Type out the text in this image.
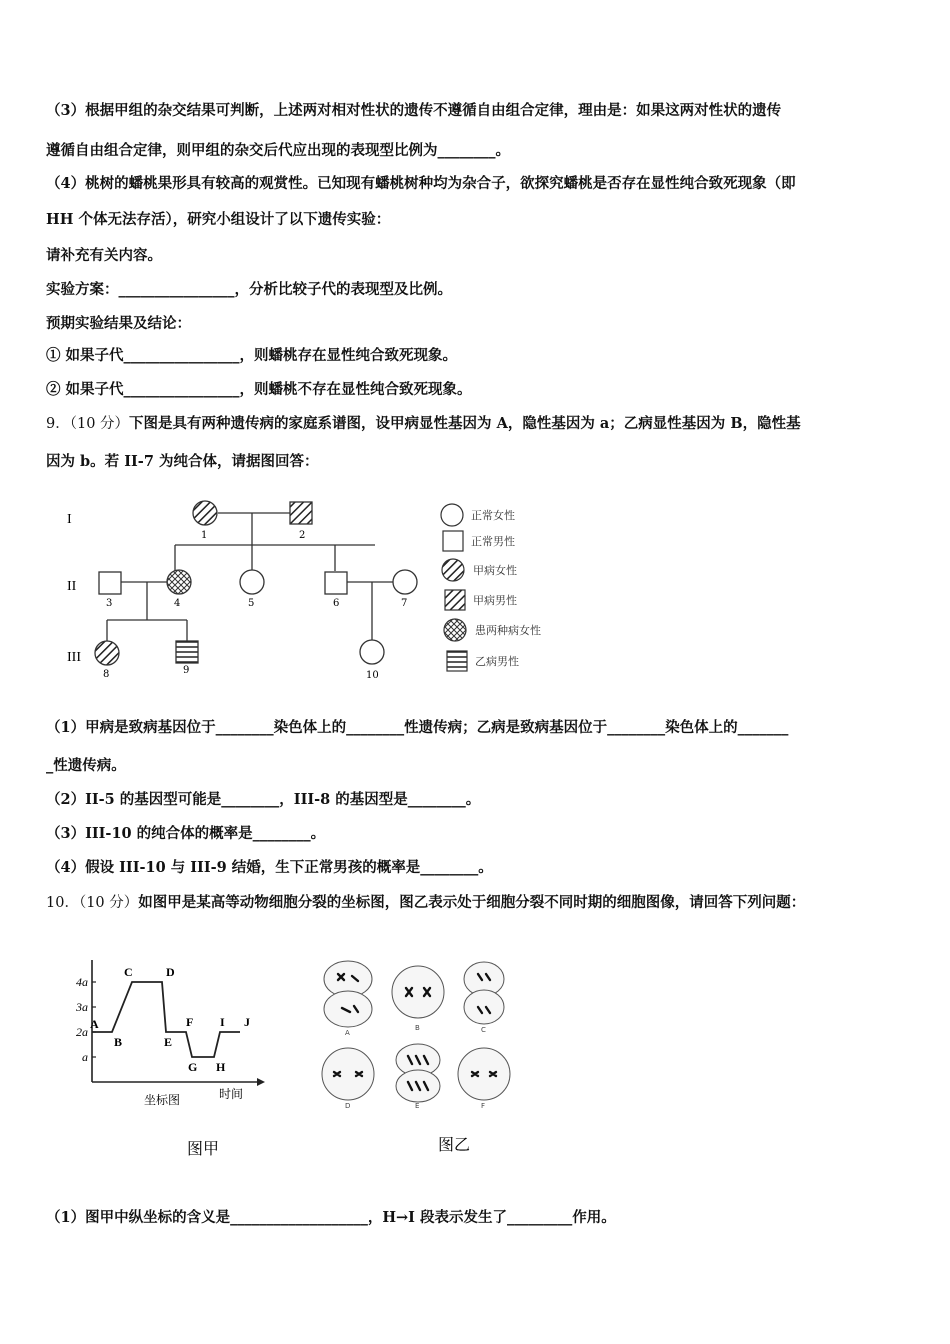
（3）根据甲组的杂交结果可判断，上述两对相对性状的遗传不遵循自由组合定律，理由是：如果这两对性状的遗传
遵循自由组合定律，则甲组的杂交后代应出现的表现型比例为________。
（4）桃树的蟠桃果形具有较高的观赏性。已知现有蟠桃树种均为杂合子，欲探究蟠桃是否存在显性纯合致死现象（即
HH 个体无法存活），研究小组设计了以下遗传实验：
请补充有关内容。
实验方案：________________，分析比较子代的表现型及比例。
预期实验结果及结论：
① 如果子代________________，则蟠桃存在显性纯合致死现象。
② 如果子代________________，则蟠桃不存在显性纯合致死现象。
9．（10 分）下图是具有两种遗传病的家庭系谱图，设甲病显性基因为 A，隐性基因为 a；乙病显性基因为 B，隐性基
因为 b。若 II-7 为纯合体，请据图回答：
I
II
III
1	2
3	4	5	6	7
8	9	10
正常女性
正常男性
甲病女性
甲病男性
患两种病女性
乙病男性
（1）甲病是致病基因位于________染色体上的________性遗传病；乙病是致病基因位于________染色体上的_______
_性遗传病。
（2）II-5 的基因型可能是________，III-8 的基因型是________。
（3）III-10 的纯合体的概率是________。
（4）假设 III-10 与 III-9 结婚，生下正常男孩的概率是________。
10．（10 分）如图甲是某高等动物细胞分裂的坐标图，图乙表示处于细胞分裂不同时期的细胞图像，请回答下列问题：
a
2a
3a
4a
A
B
C	D
E
F
G H
I J
坐标图	时间
图甲
A
B	C
D	E	F
图乙
（1）图甲中纵坐标的含义是___________________，H→I 段表示发生了_________作用。
